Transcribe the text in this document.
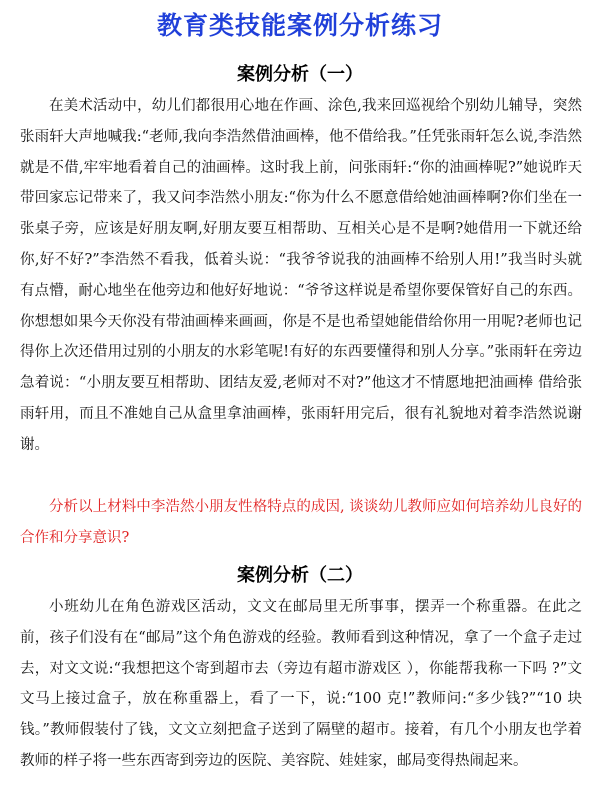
教育类技能案例分析练习
案例分析（一）

在美术活动中，幼儿们都很用心地在作画、涂色,我来回巡视给个别幼儿辅导，突然张雨轩大声地喊我:“老师,我向李浩然借油画棒，他不借给我。”任凭张雨轩怎么说,李浩然就是不借,牢牢地看着自己的油画棒。这时我上前，问张雨轩:“你的油画棒呢?”她说昨天带回家忘记带来了，我又问李浩然小朋友:“你为什么不愿意借给她油画棒啊?你们坐在一张桌子旁，应该是好朋友啊,好朋友要互相帮助、互相关心是不是啊?她借用一下就还给你,好不好?”李浩然不看我，低着头说：“我爷爷说我的油画棒不给别人用!”我当时头就有点懵，耐心地坐在他旁边和他好好地说：“爷爷这样说是希望你要保管好自己的东西。你想想如果今天你没有带油画棒来画画，你是不是也希望她能借给你用一用呢?老师也记得你上次还借用过别的小朋友的水彩笔呢!有好的东西要懂得和别人分享。”张雨轩在旁边急着说：“小朋友要互相帮助、团结友爱,老师对不对?”他这才不情愿地把油画棒 借给张雨轩用，而且不准她自己从盒里拿油画棒，张雨轩用完后，很有礼貌地对着李浩然说谢谢。

分析以上材料中李浩然小朋友性格特点的成因, 谈谈幼儿教师应如何培养幼儿良好的合作和分享意识?

案例分析（二）

小班幼儿在角色游戏区活动，文文在邮局里无所事事，摆弄一个称重器。在此之前，孩子们没有在“邮局”这个角色游戏的经验。教师看到这种情况，拿了一个盒子走过去，对文文说:“我想把这个寄到超市去（旁边有超市游戏区 ），你能帮我称一下吗 ?”文文马上接过盒子，放在称重器上，看了一下，说:“100 克!”教师问:“多少钱?”“10 块钱。”教师假装付了钱，文文立刻把盒子送到了隔壁的超市。接着，有几个小朋友也学着教师的样子将一些东西寄到旁边的医院、美容院、娃娃家，邮局变得热闹起来。
